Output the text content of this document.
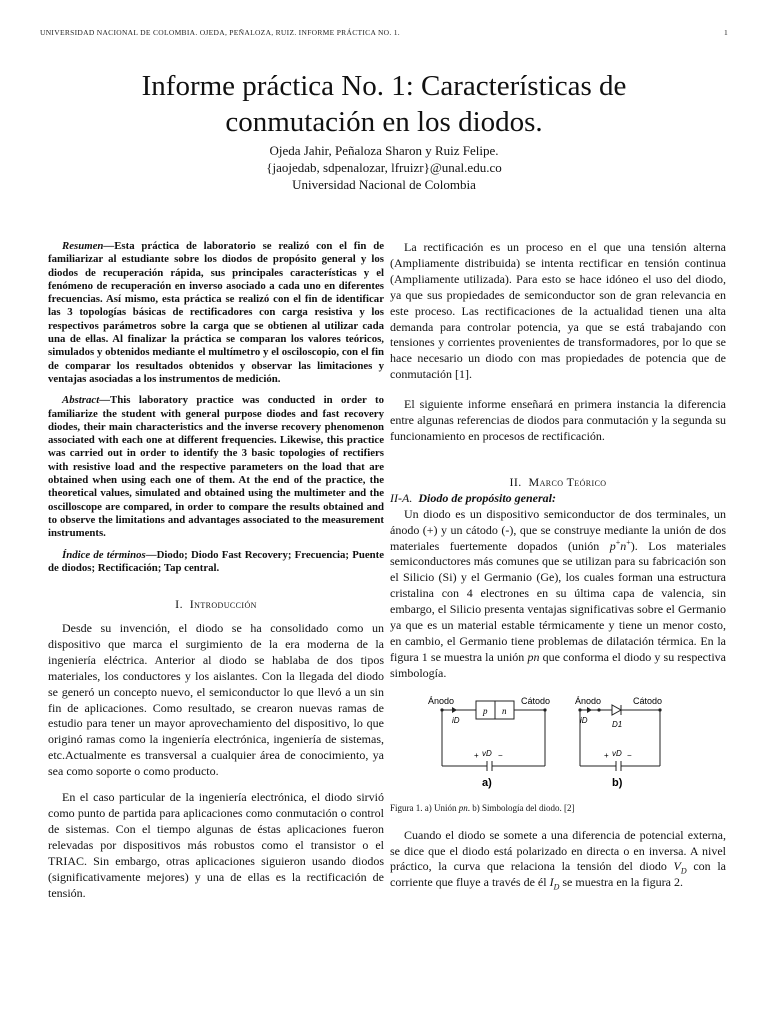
UNIVERSIDAD NACIONAL DE COLOMBIA. OJEDA, PEÑALOZA, RUIZ. INFORME PRÁCTICA NO. 1.	1
Informe práctica No. 1: Características de
conmutación en los diodos.
Ojeda Jahir, Peñaloza Sharon y Ruiz Felipe.
{jaojedab, sdpenalozar, lfruizr}@unal.edu.co
Universidad Nacional de Colombia

Resumen—Esta práctica de laboratorio se realizó con el fin de familiarizar al estudiante sobre los diodos de propósito general y los diodos de recuperación rápida, sus principales características y el fenómeno de recuperación en inverso asociado a cada uno en diferentes frecuencias. Así mismo, esta práctica se realizó con el fin de identificar las 3 topologías básicas de rectificadores con carga resistiva y los respectivos parámetros sobre la carga que se obtienen al utilizar cada una de ellas. Al finalizar la práctica se comparan los valores teóricos, simulados y obtenidos mediante el multímetro y el osciloscopio, con el fin de comparar los resultados obtenidos y observar las limitaciones y ventajas asociadas a los instrumentos de medición.

Abstract—This laboratory practice was conducted in order to familiarize the student with general purpose diodes and fast recovery diodes, their main characteristics and the inverse recovery phenomenon associated with each one at different frequencies. Likewise, this practice was carried out in order to identify the 3 basic topologies of rectifiers with resistive load and the respective parameters on the load that are obtained when using each one of them. At the end of the practice, the theoretical values, simulated and obtained using the multimeter and the oscilloscope are compared, in order to compare the results obtained and to observe the limitations and advantages associated to the measurement instruments.

Índice de términos—Diodo; Diodo Fast Recovery; Frecuencia; Puente de diodos; Rectificación; Tap central.

I. Introducción

Desde su invención, el diodo se ha consolidado como un dispositivo que marca el surgimiento de la era moderna de la ingeniería eléctrica. Anterior al diodo se hablaba de dos tipos materiales, los conductores y los aislantes. Con la llegada del diodo se generó un concepto nuevo, el semiconductor lo que llevó a un sin fin de aplicaciones. Como resultado, se crearon nuevas ramas de estudio para tener un mayor aprovechamiento del dispositivo, lo que originó ramas como la ingeniería electrónica, ingeniería de sistemas, etc.Actualmente es transversal a cualquier área de conocimiento, ya sea como soporte o como producto.

En el caso particular de la ingeniería electrónica, el diodo sirvió como punto de partida para aplicaciones como conmutación o control de sistemas. Con el tiempo algunas de éstas aplicaciones fueron relevadas por dispositivos más robustos como el transistor o el TRIAC. Sin embargo, otras aplicaciones siguieron usando diodos (significativamente mejores) y una de ellas es la rectificación de tensión.

La rectificación es un proceso en el que una tensión alterna (Ampliamente distribuida) se intenta rectificar en tensión continua (Ampliamente utilizada). Para esto se hace idóneo el uso del diodo, ya que sus propiedades de semiconductor son de gran relevancia en este proceso. Las rectificaciones de la actualidad tienen una alta demanda para controlar potencia, ya que se está trabajando con tensiones y corrientes provenientes de transformadores, por lo que se hace necesario un diodo con mas propiedades de potencia que de conmutación [1].

El siguiente informe enseñará en primera instancia la diferencia entre algunas referencias de diodos para conmutación y la segunda su funcionamiento en procesos de rectificación.

II. Marco Teórico

II-A. Diodo de propósito general:

Un diodo es un dispositivo semiconductor de dos terminales, un ánodo (+) y un cátodo (-), que se construye mediante la unión de dos materiales fuertemente dopados (unión p+n+). Los materiales semiconductores más comunes que se utilizan para su fabricación son el Silicio (Si) y el Germanio (Ge), los cuales forman una estructura cristalina con 4 electrones en su última capa de valencia, sin embargo, el Silicio presenta ventajas significativas sobre el Germanio ya que es un material estable térmicamente y tiene un menor costo, en cambio, el Germanio tiene problemas de dilatación térmica. En la figura 1 se muestra la unión pn que conforma el diodo y su respectiva simbología.

Ánodo	Cátodo
p n
iD
+ vD −
a)
Ánodo	Cátodo
iD	D1
+ vD −
b)

Figura 1. a) Unión pn. b) Simbología del diodo. [2]

Cuando el diodo se somete a una diferencia de potencial externa, se dice que el diodo está polarizado en directa o en inversa. A nivel práctico, la curva que relaciona la tensión del diodo $V_D$ con la corriente que fluye a través de él $I_D$ se muestra en la figura 2.
